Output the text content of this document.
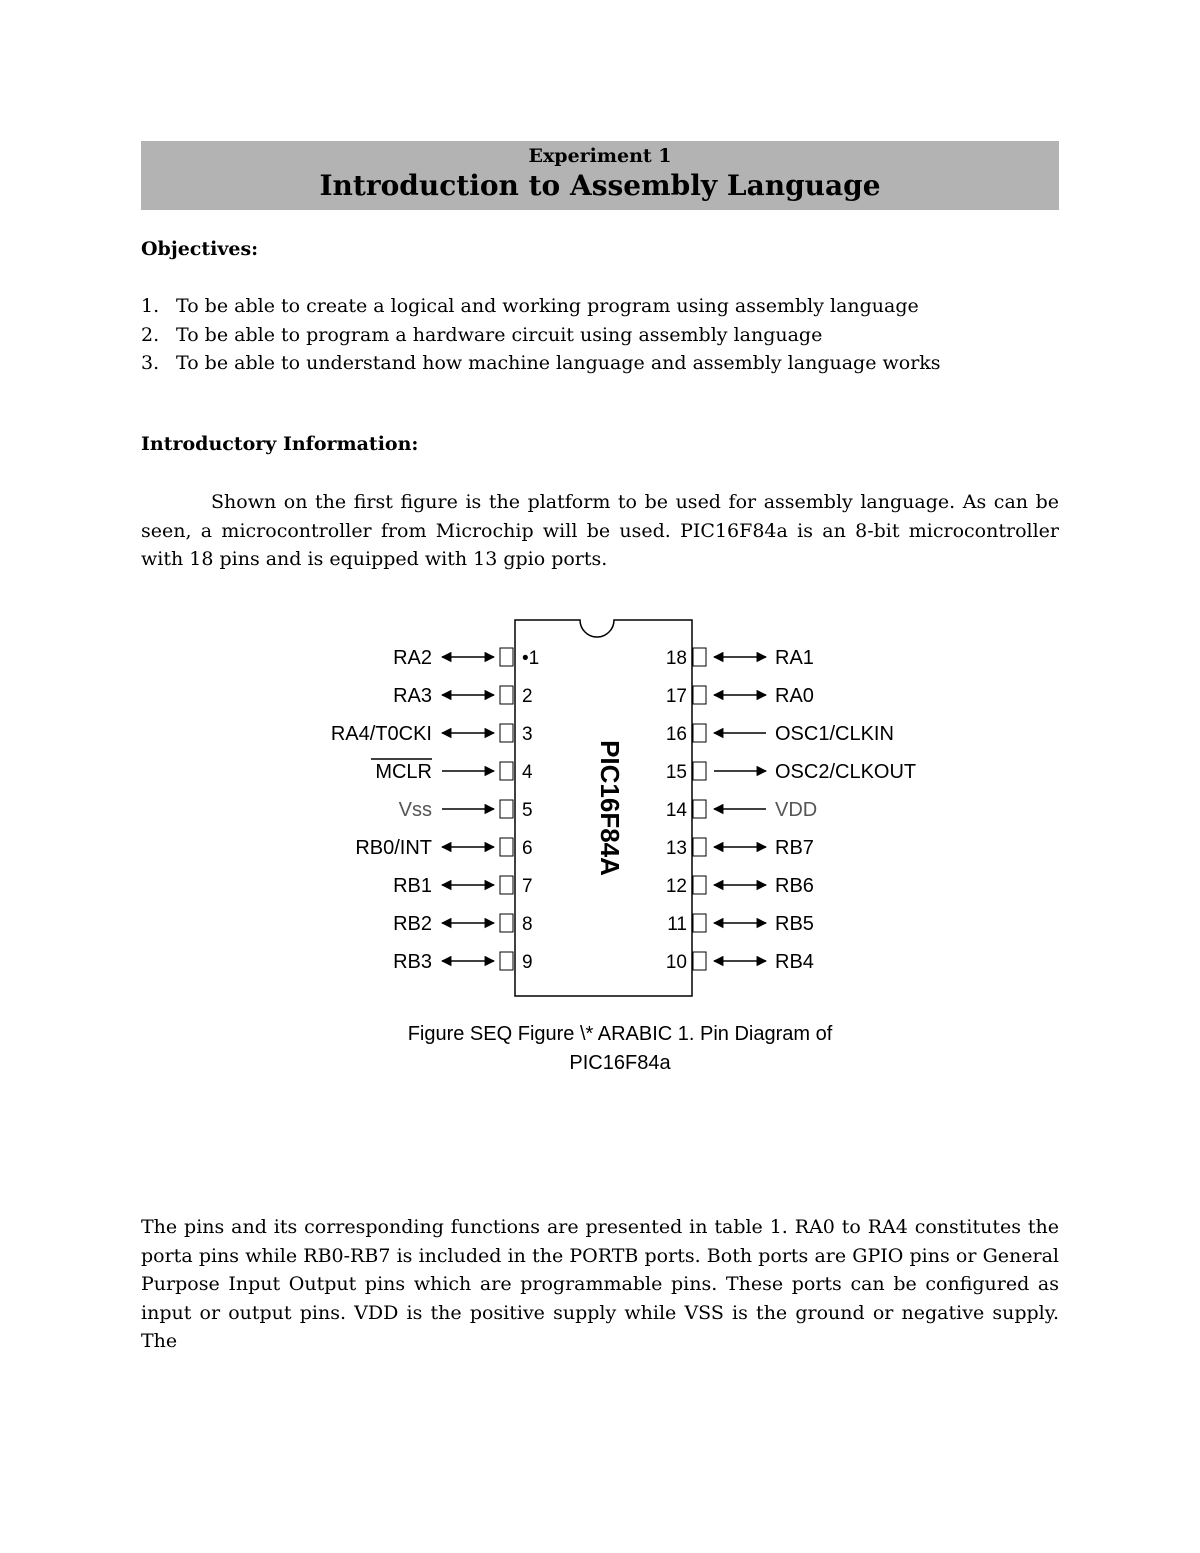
Experiment 1
Introduction to Assembly Language
Objectives:
1. To be able to create a logical and working program using assembly language
2. To be able to program a hardware circuit using assembly language
3. To be able to understand how machine language and assembly language works
Introductory Information:

Shown on the first figure is the platform to be used for assembly language. As can be seen, a microcontroller from Microchip will be used. PIC16F84a is an 8-bit microcontroller with 18 pins and is equipped with 13 gpio ports.

PIC16F84A
•1
RA2
2
RA3
3
RA4/T0CKI
4
MCLR
5
Vss
6
RB0/INT
7
RB1
8
RB2
9
RB3
18	RA1
17	RA0
16	OSC1/CLKIN
15	OSC2/CLKOUT
14	VDD
13	RB7
12	RB6
11	RB5
10	RB4
Figure SEQ Figure \* ARABIC 1. Pin Diagram of
PIC16F84a

The pins and its corresponding functions are presented in table 1. RA0 to RA4 constitutes the porta pins while RB0-RB7 is included in the PORTB ports. Both ports are GPIO pins or General Purpose Input Output pins which are programmable pins. These ports can be configured as input or output pins. VDD is the positive supply while VSS is the ground or negative supply. The
